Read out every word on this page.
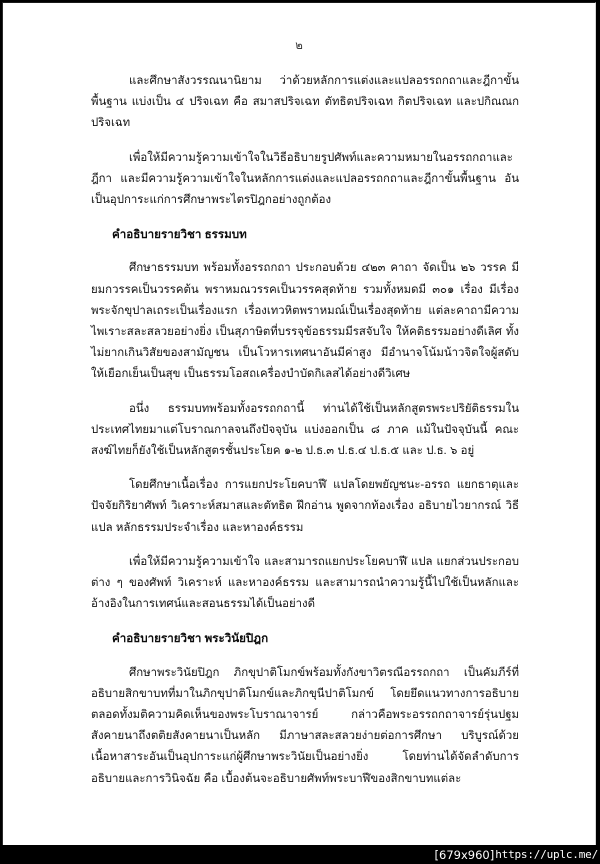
๒

และศึกษาสังวรรณนานิยาม ว่าด้วยหลักการแต่งและแปลอรรถกถาและฎีกาขั้นพื้นฐาน แบ่งเป็น ๔ ปริจเฉท คือ สมาสปริจเฉท ตัทธิตปริจเฉท กิตปริจเฉท และปกิณณกปริจเฉท

เพื่อให้มีความรู้ความเข้าใจในวิธีอธิบายรูปศัพท์และความหมายในอรรถกถาและฎีกา และมีความรู้ความเข้าใจในหลักการแต่งและแปลอรรถกถาและฎีกาขั้นพื้นฐาน อันเป็นอุปการะแก่การศึกษาพระไตรปิฎกอย่างถูกต้อง

คำอธิบายรายวิชา ธรรมบท

ศึกษาธรรมบท พร้อมทั้งอรรถกถา ประกอบด้วย ๔๒๓ คาถา จัดเป็น ๒๖ วรรค มียมกวรรคเป็นวรรคต้น พราหมณวรรคเป็นวรรคสุดท้าย รวมทั้งหมดมี ๓๐๑ เรื่อง มีเรื่องพระจักขุปาลเถระเป็นเรื่องแรก เรื่องเทวหิตพราหมณ์เป็นเรื่องสุดท้าย แต่ละคาถามีความไพเราะสละสลวยอย่างยิ่ง เป็นสุภาษิตที่บรรจุข้อธรรมมีรสจับใจ ให้คติธรรมอย่างดีเลิศ ทั้งไม่ยากเกินวิสัยของสามัญชน เป็นโวหารเทศนาอันมีค่าสูง มีอำนาจโน้มน้าวจิตใจผู้สดับให้เยือกเย็นเป็นสุข เป็นธรรมโอสถเครื่องบำบัดกิเลสได้อย่างดีวิเศษ

อนึ่ง ธรรมบทพร้อมทั้งอรรถกถานี้ ท่านได้ใช้เป็นหลักสูตรพระปริยัติธรรมในประเทศไทยมาแต่โบราณกาลจนถึงปัจจุบัน แบ่งออกเป็น ๘ ภาค แม้ในปัจจุบันนี้ คณะสงฆ์ไทยก็ยังใช้เป็นหลักสูตรชั้นประโยค ๑-๒ ป.ธ.๓ ป.ธ.๔ ป.ธ.๕ และ ป.ธ. ๖ อยู่

โดยศึกษาเนื้อเรื่อง การแยกประโยคบาฬี แปลโดยพยัญชนะ-อรรถ แยกธาตุและปัจจัยกิริยาศัพท์ วิเคราะห์สมาสและตัทธิต ฝึกอ่าน พูดจากท้องเรื่อง อธิบายไวยากรณ์ วิธีแปล หลักธรรมประจำเรื่อง และหาองค์ธรรม

เพื่อให้มีความรู้ความเข้าใจ และสามารถแยกประโยคบาฬี แปล แยกส่วนประกอบต่าง ๆ ของศัพท์ วิเคราะห์ และหาองค์ธรรม และสามารถนำความรู้นี้ไปใช้เป็นหลักและอ้างอิงในการเทศน์และสอนธรรมได้เป็นอย่างดี

คำอธิบายรายวิชา พระวินัยปิฎก

ศึกษาพระวินัยปิฎก ภิกขุปาติโมกข์พร้อมทั้งกังขาวิตรณีอรรถกถา เป็นคัมภีร์ที่อธิบายสิกขาบทที่มาในภิกขุปาติโมกข์และภิกขุนีปาติโมกข์ โดยยึดแนวทางการอธิบายตลอดทั้งมติความคิดเห็นของพระโบราณาจารย์ กล่าวคือพระอรรถกถาจารย์รุ่นปฐมสังคายนาถึงตติยสังคายนาเป็นหลัก มีภาษาสละสลวยง่ายต่อการศึกษา บริบูรณ์ด้วยเนื้อหาสาระอันเป็นอุปการะแก่ผู้ศึกษาพระวินัยเป็นอย่างยิ่ง โดยท่านได้จัดลำดับการอธิบายและการวินิจฉัย คือ เบื้องต้นจะอธิบายศัพท์พระบาฬีของสิกขาบทแต่ละ

[679x960] https://uplc.me/
